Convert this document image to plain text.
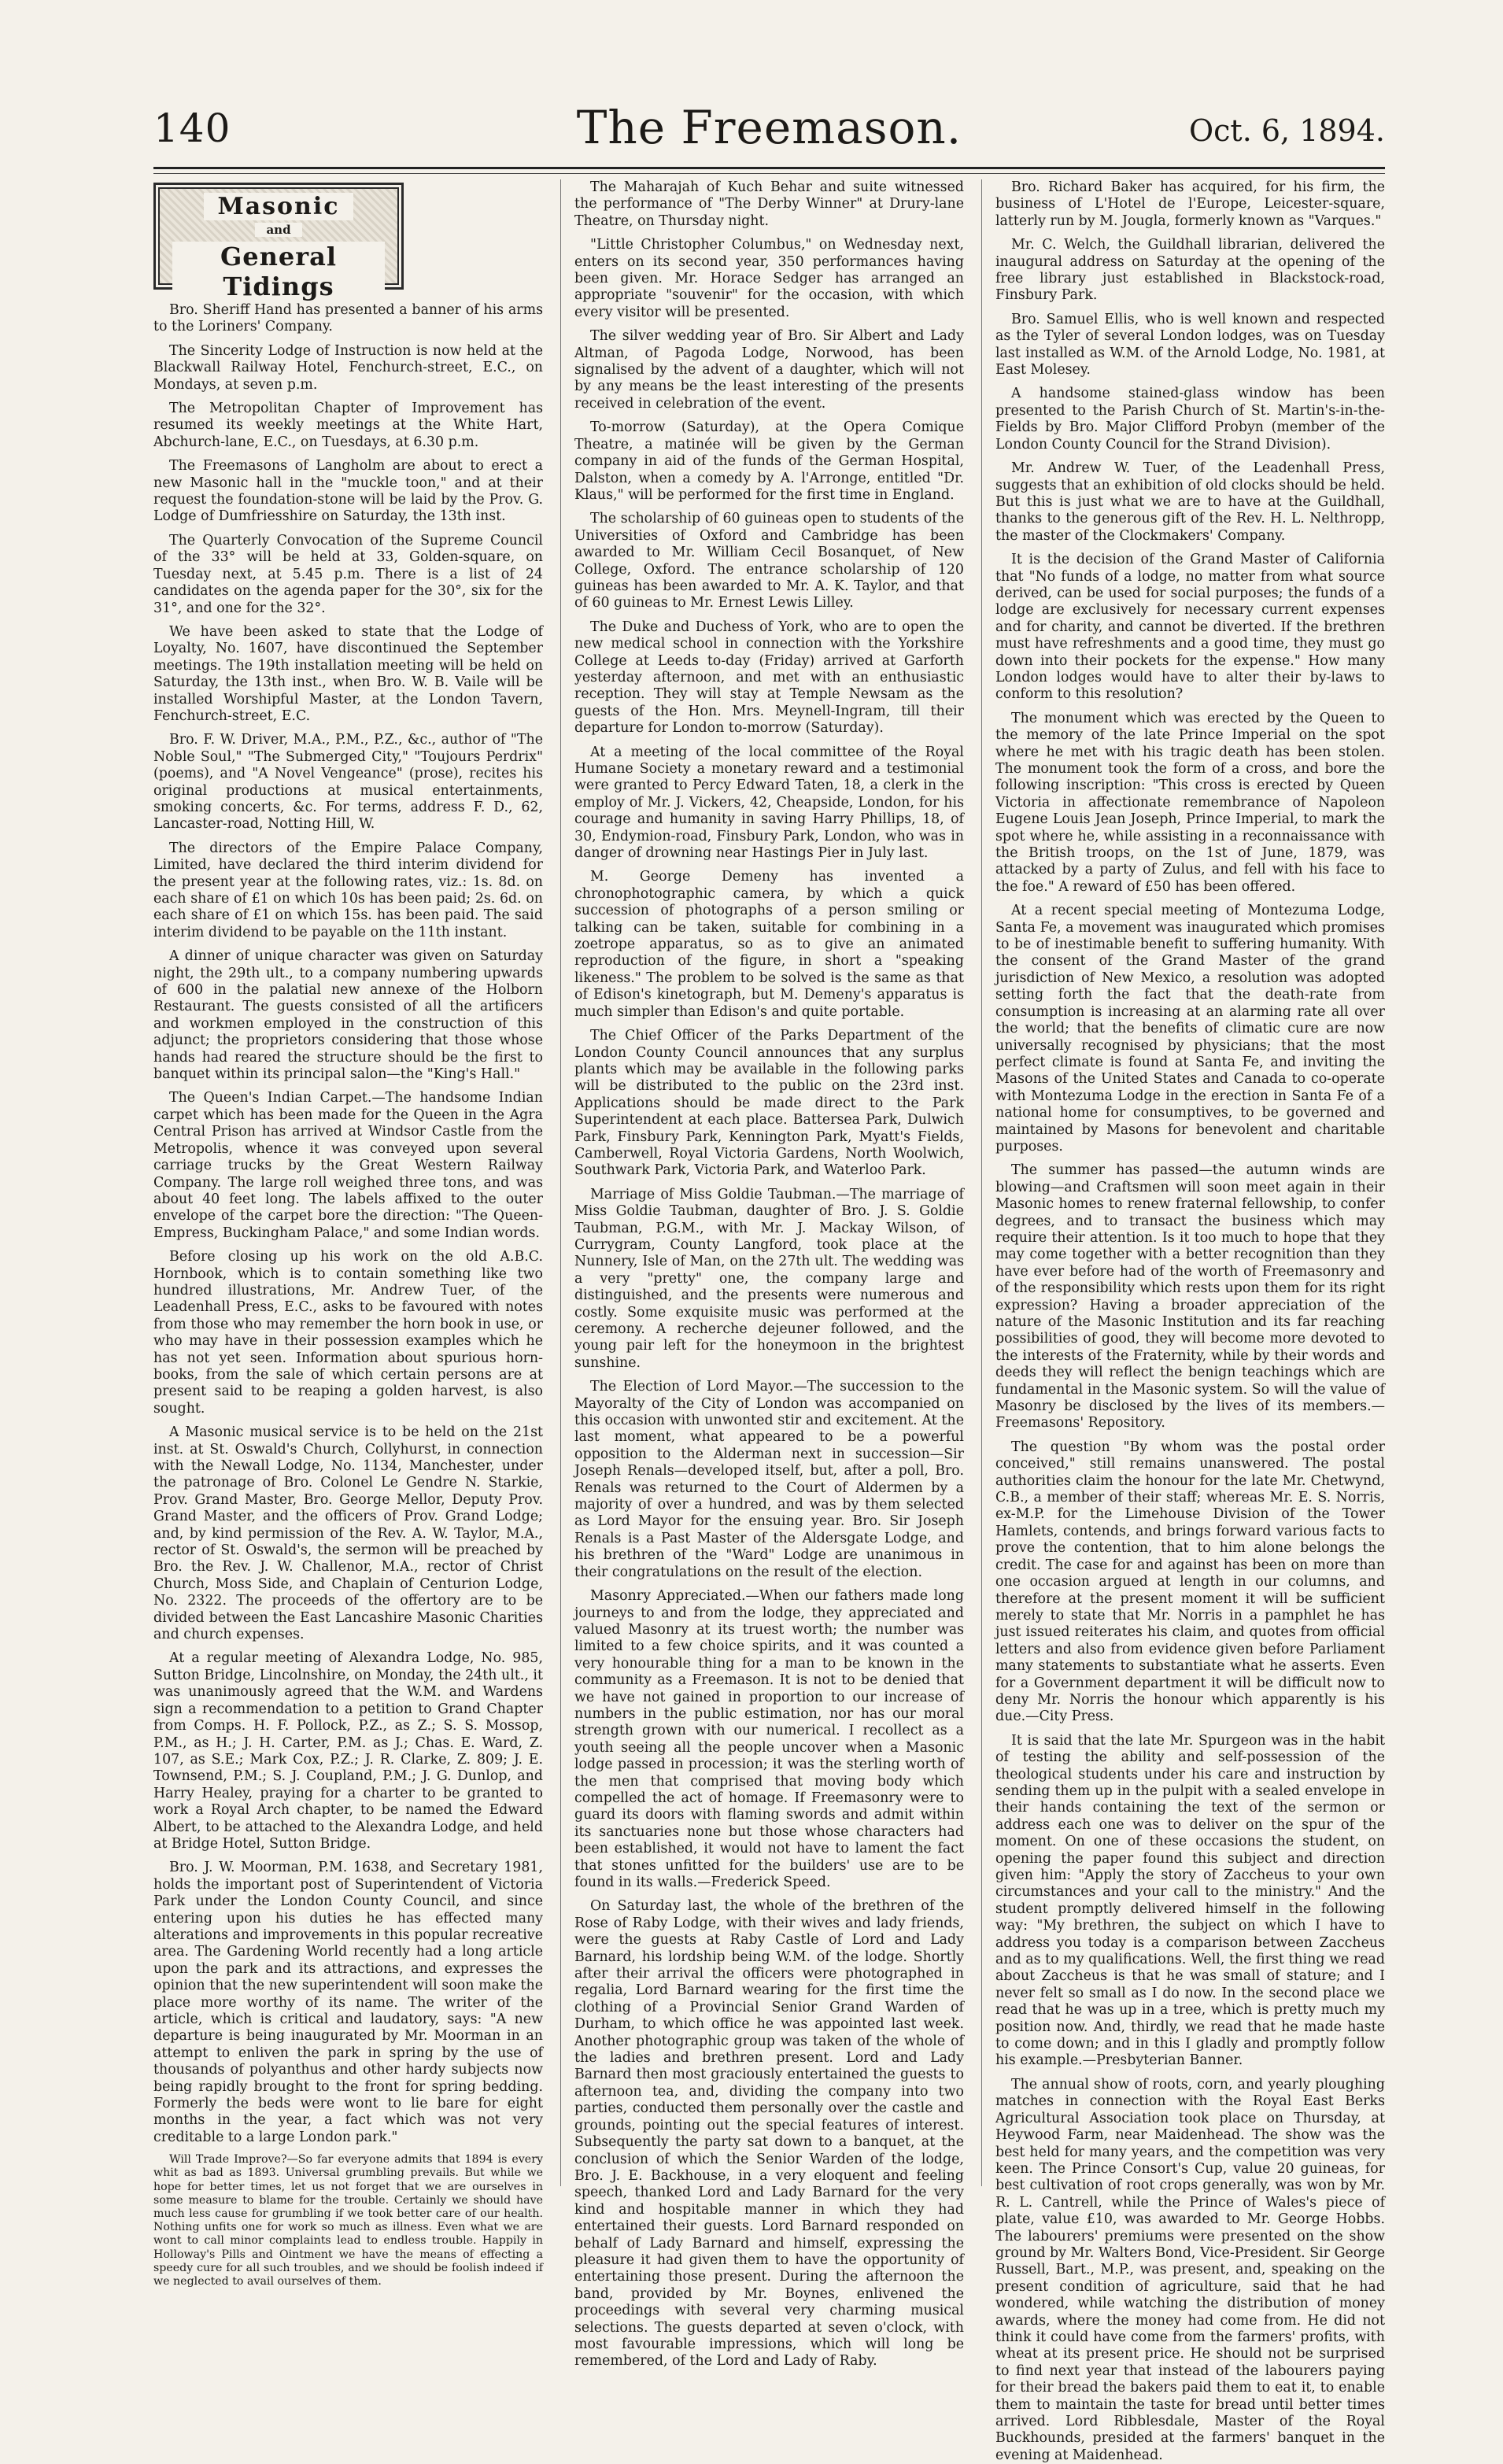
140	The Freemason.	Oct. 6, 1894.
Masonic
and
General Tidings

Bro. Sheriff Hand has presented a banner of his arms to the Loriners' Company.

The Sincerity Lodge of Instruction is now held at the Blackwall Railway Hotel, Fenchurch-street, E.C., on Mondays, at seven p.m.

The Metropolitan Chapter of Improvement has resumed its weekly meetings at the White Hart, Abchurch-lane, E.C., on Tuesdays, at 6.30 p.m.

The Freemasons of Langholm are about to erect a new Masonic hall in the "muckle toon," and at their request the foundation-stone will be laid by the Prov. G. Lodge of Dumfriesshire on Saturday, the 13th inst.

The Quarterly Convocation of the Supreme Council of the 33° will be held at 33, Golden-square, on Tuesday next, at 5.45 p.m. There is a list of 24 candidates on the agenda paper for the 30°, six for the 31°, and one for the 32°.

We have been asked to state that the Lodge of Loyalty, No. 1607, have discontinued the September meetings. The 19th installation meeting will be held on Saturday, the 13th inst., when Bro. W. B. Vaile will be installed Worshipful Master, at the London Tavern, Fenchurch-street, E.C.

Bro. F. W. Driver, M.A., P.M., P.Z., &c., author of "The Noble Soul," "The Submerged City," "Toujours Perdrix" (poems), and "A Novel Vengeance" (prose), recites his original productions at musical entertainments, smoking concerts, &c. For terms, address F. D., 62, Lancaster-road, Notting Hill, W.

The directors of the Empire Palace Company, Limited, have declared the third interim dividend for the present year at the following rates, viz.: 1s. 8d. on each share of £1 on which 10s has been paid; 2s. 6d. on each share of £1 on which 15s. has been paid. The said interim dividend to be payable on the 11th instant.

A dinner of unique character was given on Saturday night, the 29th ult., to a company numbering upwards of 600 in the palatial new annexe of the Holborn Restaurant. The guests consisted of all the artificers and workmen employed in the construction of this adjunct; the proprietors considering that those whose hands had reared the structure should be the first to banquet within its principal salon—the "King's Hall."

The Queen's Indian Carpet.—The handsome Indian carpet which has been made for the Queen in the Agra Central Prison has arrived at Windsor Castle from the Metropolis, whence it was conveyed upon several carriage trucks by the Great Western Railway Company. The large roll weighed three tons, and was about 40 feet long. The labels affixed to the outer envelope of the carpet bore the direction: "The Queen-Empress, Buckingham Palace," and some Indian words.

Before closing up his work on the old A.B.C. Hornbook, which is to contain something like two hundred illustrations, Mr. Andrew Tuer, of the Leadenhall Press, E.C., asks to be favoured with notes from those who may remember the horn book in use, or who may have in their possession examples which he has not yet seen. Information about spurious horn-books, from the sale of which certain persons are at present said to be reaping a golden harvest, is also sought.

A Masonic musical service is to be held on the 21st inst. at St. Oswald's Church, Collyhurst, in connection with the Newall Lodge, No. 1134, Manchester, under the patronage of Bro. Colonel Le Gendre N. Starkie, Prov. Grand Master, Bro. George Mellor, Deputy Prov. Grand Master, and the officers of Prov. Grand Lodge; and, by kind permission of the Rev. A. W. Taylor, M.A., rector of St. Oswald's, the sermon will be preached by Bro. the Rev. J. W. Challenor, M.A., rector of Christ Church, Moss Side, and Chaplain of Centurion Lodge, No. 2322. The proceeds of the offertory are to be divided between the East Lancashire Masonic Charities and church expenses.

At a regular meeting of Alexandra Lodge, No. 985, Sutton Bridge, Lincolnshire, on Monday, the 24th ult., it was unanimously agreed that the W.M. and Wardens sign a recommendation to a petition to Grand Chapter from Comps. H. F. Pollock, P.Z., as Z.; S. S. Mossop, P.M., as H.; J. H. Carter, P.M. as J.; Chas. E. Ward, Z. 107, as S.E.; Mark Cox, P.Z.; J. R. Clarke, Z. 809; J. E. Townsend, P.M.; S. J. Coupland, P.M.; J. G. Dunlop, and Harry Healey, praying for a charter to be granted to work a Royal Arch chapter, to be named the Edward Albert, to be attached to the Alexandra Lodge, and held at Bridge Hotel, Sutton Bridge.

Bro. J. W. Moorman, P.M. 1638, and Secretary 1981, holds the important post of Superintendent of Victoria Park under the London County Council, and since entering upon his duties he has effected many alterations and improvements in this popular recreative area. The Gardening World recently had a long article upon the park and its attractions, and expresses the opinion that the new superintendent will soon make the place more worthy of its name. The writer of the article, which is critical and laudatory, says: "A new departure is being inaugurated by Mr. Moorman in an attempt to enliven the park in spring by the use of thousands of polyanthus and other hardy subjects now being rapidly brought to the front for spring bedding. Formerly the beds were wont to lie bare for eight months in the year, a fact which was not very creditable to a large London park."

Will Trade Improve?—So far everyone admits that 1894 is every whit as bad as 1893. Universal grumbling prevails. But while we hope for better times, let us not forget that we are ourselves in some measure to blame for the trouble. Certainly we should have much less cause for grumbling if we took better care of our health. Nothing unfits one for work so much as illness. Even what we are wont to call minor complaints lead to endless trouble. Happily in Holloway's Pills and Ointment we have the means of effecting a speedy cure for all such troubles, and we should be foolish indeed if we neglected to avail ourselves of them.

The Maharajah of Kuch Behar and suite witnessed the performance of "The Derby Winner" at Drury-lane Theatre, on Thursday night.

"Little Christopher Columbus," on Wednesday next, enters on its second year, 350 performances having been given. Mr. Horace Sedger has arranged an appropriate "souvenir" for the occasion, with which every visitor will be presented.

The silver wedding year of Bro. Sir Albert and Lady Altman, of Pagoda Lodge, Norwood, has been signalised by the advent of a daughter, which will not by any means be the least interesting of the presents received in celebration of the event.

To-morrow (Saturday), at the Opera Comique Theatre, a matinée will be given by the German company in aid of the funds of the German Hospital, Dalston, when a comedy by A. l'Arronge, entitled "Dr. Klaus," will be performed for the first time in England.

The scholarship of 60 guineas open to students of the Universities of Oxford and Cambridge has been awarded to Mr. William Cecil Bosanquet, of New College, Oxford. The entrance scholarship of 120 guineas has been awarded to Mr. A. K. Taylor, and that of 60 guineas to Mr. Ernest Lewis Lilley.

The Duke and Duchess of York, who are to open the new medical school in connection with the Yorkshire College at Leeds to-day (Friday) arrived at Garforth yesterday afternoon, and met with an enthusiastic reception. They will stay at Temple Newsam as the guests of the Hon. Mrs. Meynell-Ingram, till their departure for London to-morrow (Saturday).

At a meeting of the local committee of the Royal Humane Society a monetary reward and a testimonial were granted to Percy Edward Taten, 18, a clerk in the employ of Mr. J. Vickers, 42, Cheapside, London, for his courage and humanity in saving Harry Phillips, 18, of 30, Endymion-road, Finsbury Park, London, who was in danger of drowning near Hastings Pier in July last.

M. George Demeny has invented a chronophotographic camera, by which a quick succession of photographs of a person smiling or talking can be taken, suitable for combining in a zoetrope apparatus, so as to give an animated reproduction of the figure, in short a "speaking likeness." The problem to be solved is the same as that of Edison's kinetograph, but M. Demeny's apparatus is much simpler than Edison's and quite portable.

The Chief Officer of the Parks Department of the London County Council announces that any surplus plants which may be available in the following parks will be distributed to the public on the 23rd inst. Applications should be made direct to the Park Superintendent at each place. Battersea Park, Dulwich Park, Finsbury Park, Kennington Park, Myatt's Fields, Camberwell, Royal Victoria Gardens, North Woolwich, Southwark Park, Victoria Park, and Waterloo Park.

Marriage of Miss Goldie Taubman.—The marriage of Miss Goldie Taubman, daughter of Bro. J. S. Goldie Taubman, P.G.M., with Mr. J. Mackay Wilson, of Currygram, County Langford, took place at the Nunnery, Isle of Man, on the 27th ult. The wedding was a very "pretty" one, the company large and distinguished, and the presents were numerous and costly. Some exquisite music was performed at the ceremony. A recherche dejeuner followed, and the young pair left for the honeymoon in the brightest sunshine.

The Election of Lord Mayor.—The succession to the Mayoralty of the City of London was accompanied on this occasion with unwonted stir and excitement. At the last moment, what appeared to be a powerful opposition to the Alderman next in succession—Sir Joseph Renals—developed itself, but, after a poll, Bro. Renals was returned to the Court of Aldermen by a majority of over a hundred, and was by them selected as Lord Mayor for the ensuing year. Bro. Sir Joseph Renals is a Past Master of the Aldersgate Lodge, and his brethren of the "Ward" Lodge are unanimous in their congratulations on the result of the election.

Masonry Appreciated.—When our fathers made long journeys to and from the lodge, they appreciated and valued Masonry at its truest worth; the number was limited to a few choice spirits, and it was counted a very honourable thing for a man to be known in the community as a Freemason. It is not to be denied that we have not gained in proportion to our increase of numbers in the public estimation, nor has our moral strength grown with our numerical. I recollect as a youth seeing all the people uncover when a Masonic lodge passed in procession; it was the sterling worth of the men that comprised that moving body which compelled the act of homage. If Freemasonry were to guard its doors with flaming swords and admit within its sanctuaries none but those whose characters had been established, it would not have to lament the fact that stones unfitted for the builders' use are to be found in its walls.—Frederick Speed.

On Saturday last, the whole of the brethren of the Rose of Raby Lodge, with their wives and lady friends, were the guests at Raby Castle of Lord and Lady Barnard, his lordship being W.M. of the lodge. Shortly after their arrival the officers were photographed in regalia, Lord Barnard wearing for the first time the clothing of a Provincial Senior Grand Warden of Durham, to which office he was appointed last week. Another photographic group was taken of the whole of the ladies and brethren present. Lord and Lady Barnard then most graciously entertained the guests to afternoon tea, and, dividing the company into two parties, conducted them personally over the castle and grounds, pointing out the special features of interest. Subsequently the party sat down to a banquet, at the conclusion of which the Senior Warden of the lodge, Bro. J. E. Backhouse, in a very eloquent and feeling speech, thanked Lord and Lady Barnard for the very kind and hospitable manner in which they had entertained their guests. Lord Barnard responded on behalf of Lady Barnard and himself, expressing the pleasure it had given them to have the opportunity of entertaining those present. During the afternoon the band, provided by Mr. Boynes, enlivened the proceedings with several very charming musical selections. The guests departed at seven o'clock, with most favourable impressions, which will long be remembered, of the Lord and Lady of Raby.

Bro. Richard Baker has acquired, for his firm, the business of L'Hotel de l'Europe, Leicester-square, latterly run by M. Jougla, formerly known as "Varques."

Mr. C. Welch, the Guildhall librarian, delivered the inaugural address on Saturday at the opening of the free library just established in Blackstock-road, Finsbury Park.

Bro. Samuel Ellis, who is well known and respected as the Tyler of several London lodges, was on Tuesday last installed as W.M. of the Arnold Lodge, No. 1981, at East Molesey.

A handsome stained-glass window has been presented to the Parish Church of St. Martin's-in-the-Fields by Bro. Major Clifford Probyn (member of the London County Council for the Strand Division).

Mr. Andrew W. Tuer, of the Leadenhall Press, suggests that an exhibition of old clocks should be held. But this is just what we are to have at the Guildhall, thanks to the generous gift of the Rev. H. L. Nelthropp, the master of the Clockmakers' Company.

It is the decision of the Grand Master of California that "No funds of a lodge, no matter from what source derived, can be used for social purposes; the funds of a lodge are exclusively for necessary current expenses and for charity, and cannot be diverted. If the brethren must have refreshments and a good time, they must go down into their pockets for the expense." How many London lodges would have to alter their by-laws to conform to this resolution?

The monument which was erected by the Queen to the memory of the late Prince Imperial on the spot where he met with his tragic death has been stolen. The monument took the form of a cross, and bore the following inscription: "This cross is erected by Queen Victoria in affectionate remembrance of Napoleon Eugene Louis Jean Joseph, Prince Imperial, to mark the spot where he, while assisting in a reconnaissance with the British troops, on the 1st of June, 1879, was attacked by a party of Zulus, and fell with his face to the foe." A reward of £50 has been offered.

At a recent special meeting of Montezuma Lodge, Santa Fe, a movement was inaugurated which promises to be of inestimable benefit to suffering humanity. With the consent of the Grand Master of the grand jurisdiction of New Mexico, a resolution was adopted setting forth the fact that the death-rate from consumption is increasing at an alarming rate all over the world; that the benefits of climatic cure are now universally recognised by physicians; that the most perfect climate is found at Santa Fe, and inviting the Masons of the United States and Canada to co-operate with Montezuma Lodge in the erection in Santa Fe of a national home for consumptives, to be governed and maintained by Masons for benevolent and charitable purposes.

The summer has passed—the autumn winds are blowing—and Craftsmen will soon meet again in their Masonic homes to renew fraternal fellowship, to confer degrees, and to transact the business which may require their attention. Is it too much to hope that they may come together with a better recognition than they have ever before had of the worth of Freemasonry and of the responsibility which rests upon them for its right expression? Having a broader appreciation of the nature of the Masonic Institution and its far reaching possibilities of good, they will become more devoted to the interests of the Fraternity, while by their words and deeds they will reflect the benign teachings which are fundamental in the Masonic system. So will the value of Masonry be disclosed by the lives of its members.—Freemasons' Repository.

The question "By whom was the postal order conceived," still remains unanswered. The postal authorities claim the honour for the late Mr. Chetwynd, C.B., a member of their staff; whereas Mr. E. S. Norris, ex-M.P. for the Limehouse Division of the Tower Hamlets, contends, and brings forward various facts to prove the contention, that to him alone belongs the credit. The case for and against has been on more than one occasion argued at length in our columns, and therefore at the present moment it will be sufficient merely to state that Mr. Norris in a pamphlet he has just issued reiterates his claim, and quotes from official letters and also from evidence given before Parliament many statements to substantiate what he asserts. Even for a Government department it will be difficult now to deny Mr. Norris the honour which apparently is his due.—City Press.

It is said that the late Mr. Spurgeon was in the habit of testing the ability and self-possession of the theological students under his care and instruction by sending them up in the pulpit with a sealed envelope in their hands containing the text of the sermon or address each one was to deliver on the spur of the moment. On one of these occasions the student, on opening the paper found this subject and direction given him: "Apply the story of Zaccheus to your own circumstances and your call to the ministry." And the student promptly delivered himself in the following way: "My brethren, the subject on which I have to address you today is a comparison between Zaccheus and as to my qualifications. Well, the first thing we read about Zaccheus is that he was small of stature; and I never felt so small as I do now. In the second place we read that he was up in a tree, which is pretty much my position now. And, thirdly, we read that he made haste to come down; and in this I gladly and promptly follow his example.—Presbyterian Banner.

The annual show of roots, corn, and yearly ploughing matches in connection with the Royal East Berks Agricultural Association took place on Thursday, at Heywood Farm, near Maidenhead. The show was the best held for many years, and the competition was very keen. The Prince Consort's Cup, value 20 guineas, for best cultivation of root crops generally, was won by Mr. R. L. Cantrell, while the Prince of Wales's piece of plate, value £10, was awarded to Mr. George Hobbs. The labourers' premiums were presented on the show ground by Mr. Walters Bond, Vice-President. Sir George Russell, Bart., M.P., was present, and, speaking on the present condition of agriculture, said that he had wondered, while watching the distribution of money awards, where the money had come from. He did not think it could have come from the farmers' profits, with wheat at its present price. He should not be surprised to find next year that instead of the labourers paying for their bread the bakers paid them to eat it, to enable them to maintain the taste for bread until better times arrived. Lord Ribblesdale, Master of the Royal Buckhounds, presided at the farmers' banquet in the evening at Maidenhead.
